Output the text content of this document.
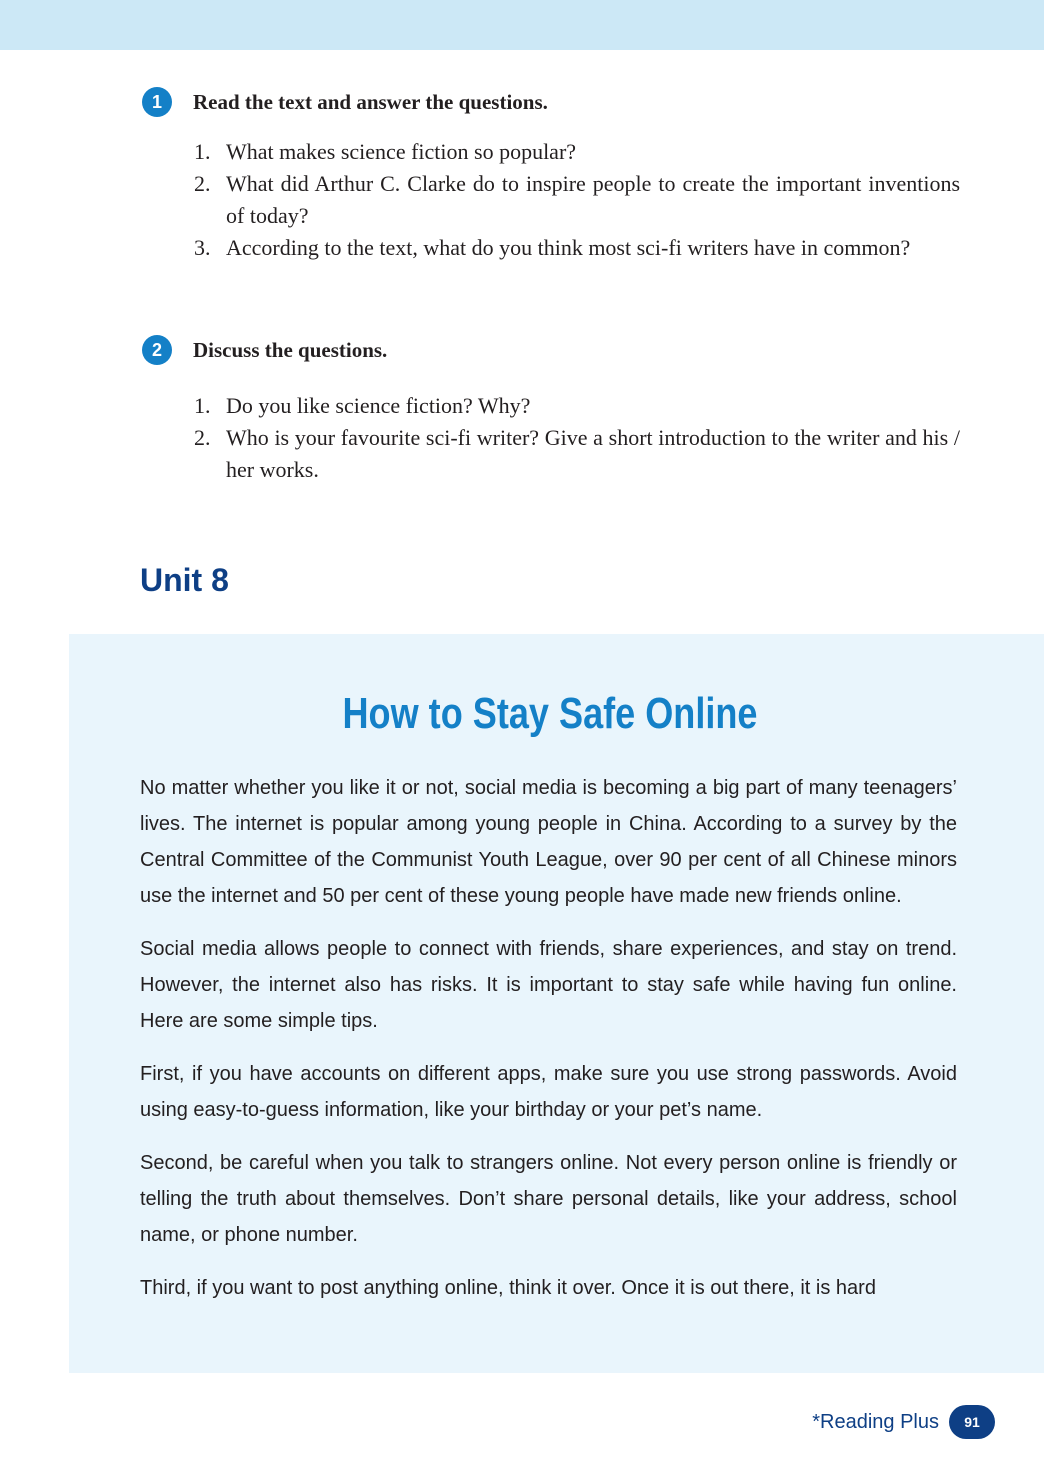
1	Read the text and answer the questions.
1. What makes science fiction so popular?
2. What did Arthur C. Clarke do to inspire people to create the important inventions of today?
3. According to the text, what do you think most sci-fi writers have in common?
2	Discuss the questions.
1. Do you like science fiction? Why?
2. Who is your favourite sci-fi writer? Give a short introduction to the writer and his / her works.
Unit 8
How to Stay Safe Online

No matter whether you like it or not, social media is becoming a big part of many teenagers’ lives. The internet is popular among young people in China. According to a survey by the Central Committee of the Communist Youth League, over 90 per cent of all Chinese minors use the internet and 50 per cent of these young people have made new friends online.

Social media allows people to connect with friends, share experiences, and stay on trend. However, the internet also has risks. It is important to stay safe while having fun online. Here are some simple tips.

First, if you have accounts on different apps, make sure you use strong passwords. Avoid using easy-to-guess information, like your birthday or your pet’s name.

Second, be careful when you talk to strangers online. Not every person online is friendly or telling the truth about themselves. Don’t share personal details, like your address, school name, or phone number.

Third, if you want to post anything online, think it over. Once it is out there, it is hard

*Reading Plus	91
